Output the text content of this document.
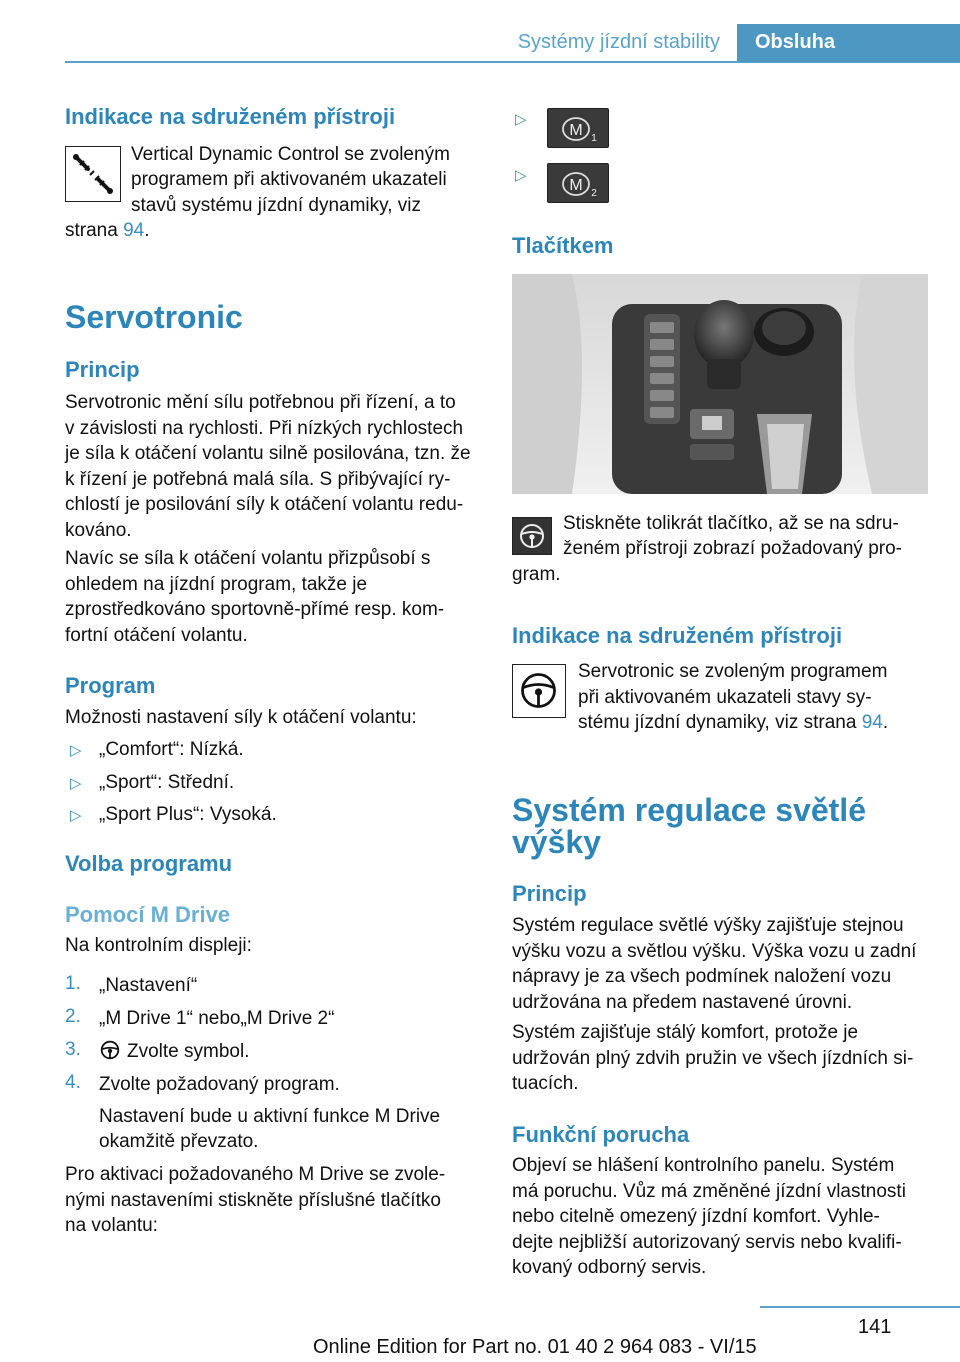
Systémy jízdní stability	Obsluha
Indikace na sdruženém přístroji
Vertical Dynamic Control se zvoleným
programem při aktivovaném ukazateli
stavů systému jízdní dynamiky, viz
strana 94.
Servotronic
Princip
Servotronic mění sílu potřebnou při řízení, a to
v závislosti na rychlosti. Při nízkých rychlostech
je síla k otáčení volantu silně posilována, tzn. že
k řízení je potřebná malá síla. S přibývající ry‐
chlostí je posilování síly k otáčení volantu redu‐
kováno.
Navíc se síla k otáčení volantu přizpůsobí s
ohledem na jízdní program, takže je
zprostředkováno sportovně-přímé resp. kom‐
fortní otáčení volantu.
Program
Možnosti nastavení síly k otáčení volantu:
▷ „Comfort“: Nízká.
▷ „Sport“: Střední.
▷ „Sport Plus“: Vysoká.
Volba programu
Pomocí M Drive
Na kontrolním displeji:
1. „Nastavení“
2. „M Drive 1“ nebo„M Drive 2“
3. Zvolte symbol.
4. Zvolte požadovaný program.
Nastavení bude u aktivní funkce M Drive
okamžitě převzato.
Pro aktivaci požadovaného M Drive se zvole‐
nými nastaveními stiskněte příslušné tlačítko
na volantu:
▷
M 1
▷
M 2
Tlačítkem
Stiskněte tolikrát tlačítko, až se na sdru‐
ženém přístroji zobrazí požadovaný pro‐
gram.
Indikace na sdruženém přístroji
Servotronic se zvoleným programem
při aktivovaném ukazateli stavy sy‐
stému jízdní dynamiky, viz strana 94.
Systém regulace světlé
výšky
Princip
Systém regulace světlé výšky zajišťuje stejnou
výšku vozu a světlou výšku. Výška vozu u zadní
nápravy je za všech podmínek naložení vozu
udržována na předem nastavené úrovni.
Systém zajišťuje stálý komfort, protože je
udržován plný zdvih pružin ve všech jízdních si‐
tuacích.
Funkční porucha
Objeví se hlášení kontrolního panelu. Systém
má poruchu. Vůz má změněné jízdní vlastnosti
nebo citelně omezený jízdní komfort. Vyhle‐
dejte nejbližší autorizovaný servis nebo kvalifi‐
kovaný odborný servis.
141
Online Edition for Part no. 01 40 2 964 083 - VI/15
